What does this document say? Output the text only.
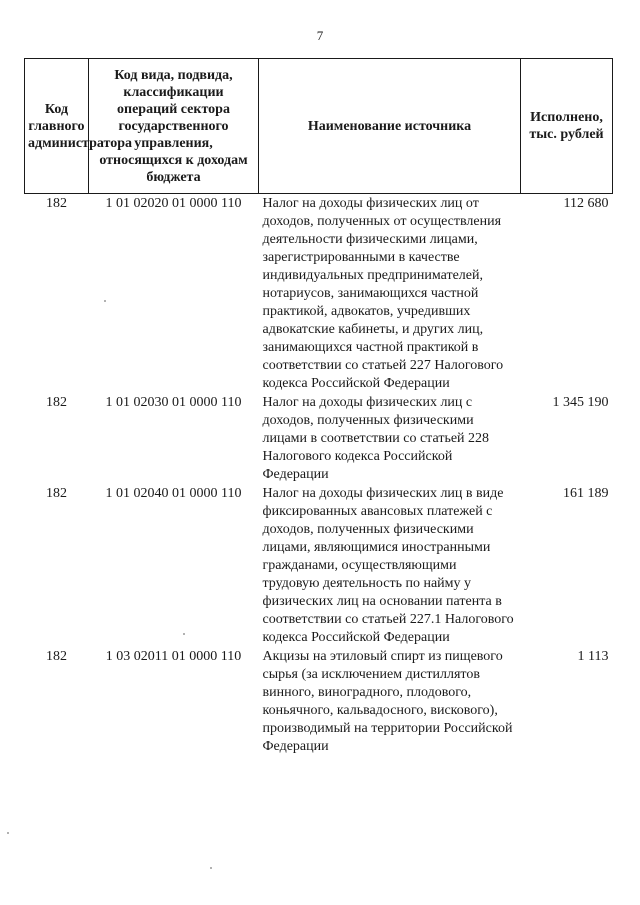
7
Код главного администратора	Код вида, подвида, классификации операций сектора государственного управления, относящихся к доходам бюджета	Наименование источника	Исполнено, тыс. рублей
182	1 01 02020 01 0000 110	Налог на доходы физических лиц от доходов, полученных от осуществления деятельности физическими лицами, зарегистрированными в качестве индивидуальных предпринимателей, нотариусов, занимающихся частной практикой, адвокатов, учредивших адвокатские кабинеты, и других лиц, занимающихся частной практикой в соответствии со статьей 227 Налогового кодекса Российской Федерации	112 680
182	1 01 02030 01 0000 110	Налог на доходы физических лиц с доходов, полученных физическими лицами в соответствии со статьей 228 Налогового кодекса Российской Федерации	1 345 190
182	1 01 02040 01 0000 110	Налог на доходы физических лиц в виде фиксированных авансовых платежей с доходов, полученных физическими лицами, являющимися иностранными гражданами, осуществляющими трудовую деятельность по найму у физических лиц на основании патента в соответствии со статьей 227.1 Налогового кодекса Российской Федерации	161 189
182	1 03 02011 01 0000 110	Акцизы на этиловый спирт из пищевого сырья (за исключением дистиллятов винного, виноградного, плодового, коньячного, кальвадосного, вискового), производимый на территории Российской Федерации	1 113
